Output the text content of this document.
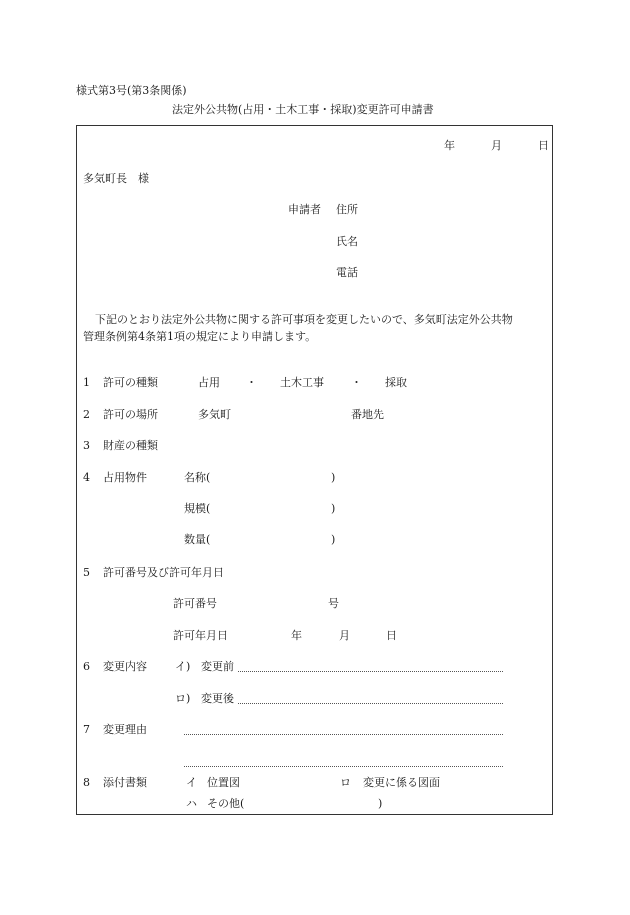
様式第3号(第3条関係)
法定外公共物(占用・土木工事・採取)変更許可申請書
年	月	日
多気町長　様
申請者 住所
氏名
電話
下記のとおり法定外公共物に関する許可事項を変更したいので、多気町法定外公共物
管理条例第4条第1項の規定により申請します。
1 許可の種類	占用 ・ 土木工事 ・ 採取
2 許可の場所	多気町	番地先
3 財産の種類
4 占用物件	名称(	)
規模(	)
数量(	)
5 許可番号及び許可年月日
許可番号	号
許可年月日	年	月	日
6 変更内容	イ) 変更前
ロ) 変更後
7 変更理由
8 添付書類	イ 位置図	ロ 変更に係る図面
ハ その他(	)
